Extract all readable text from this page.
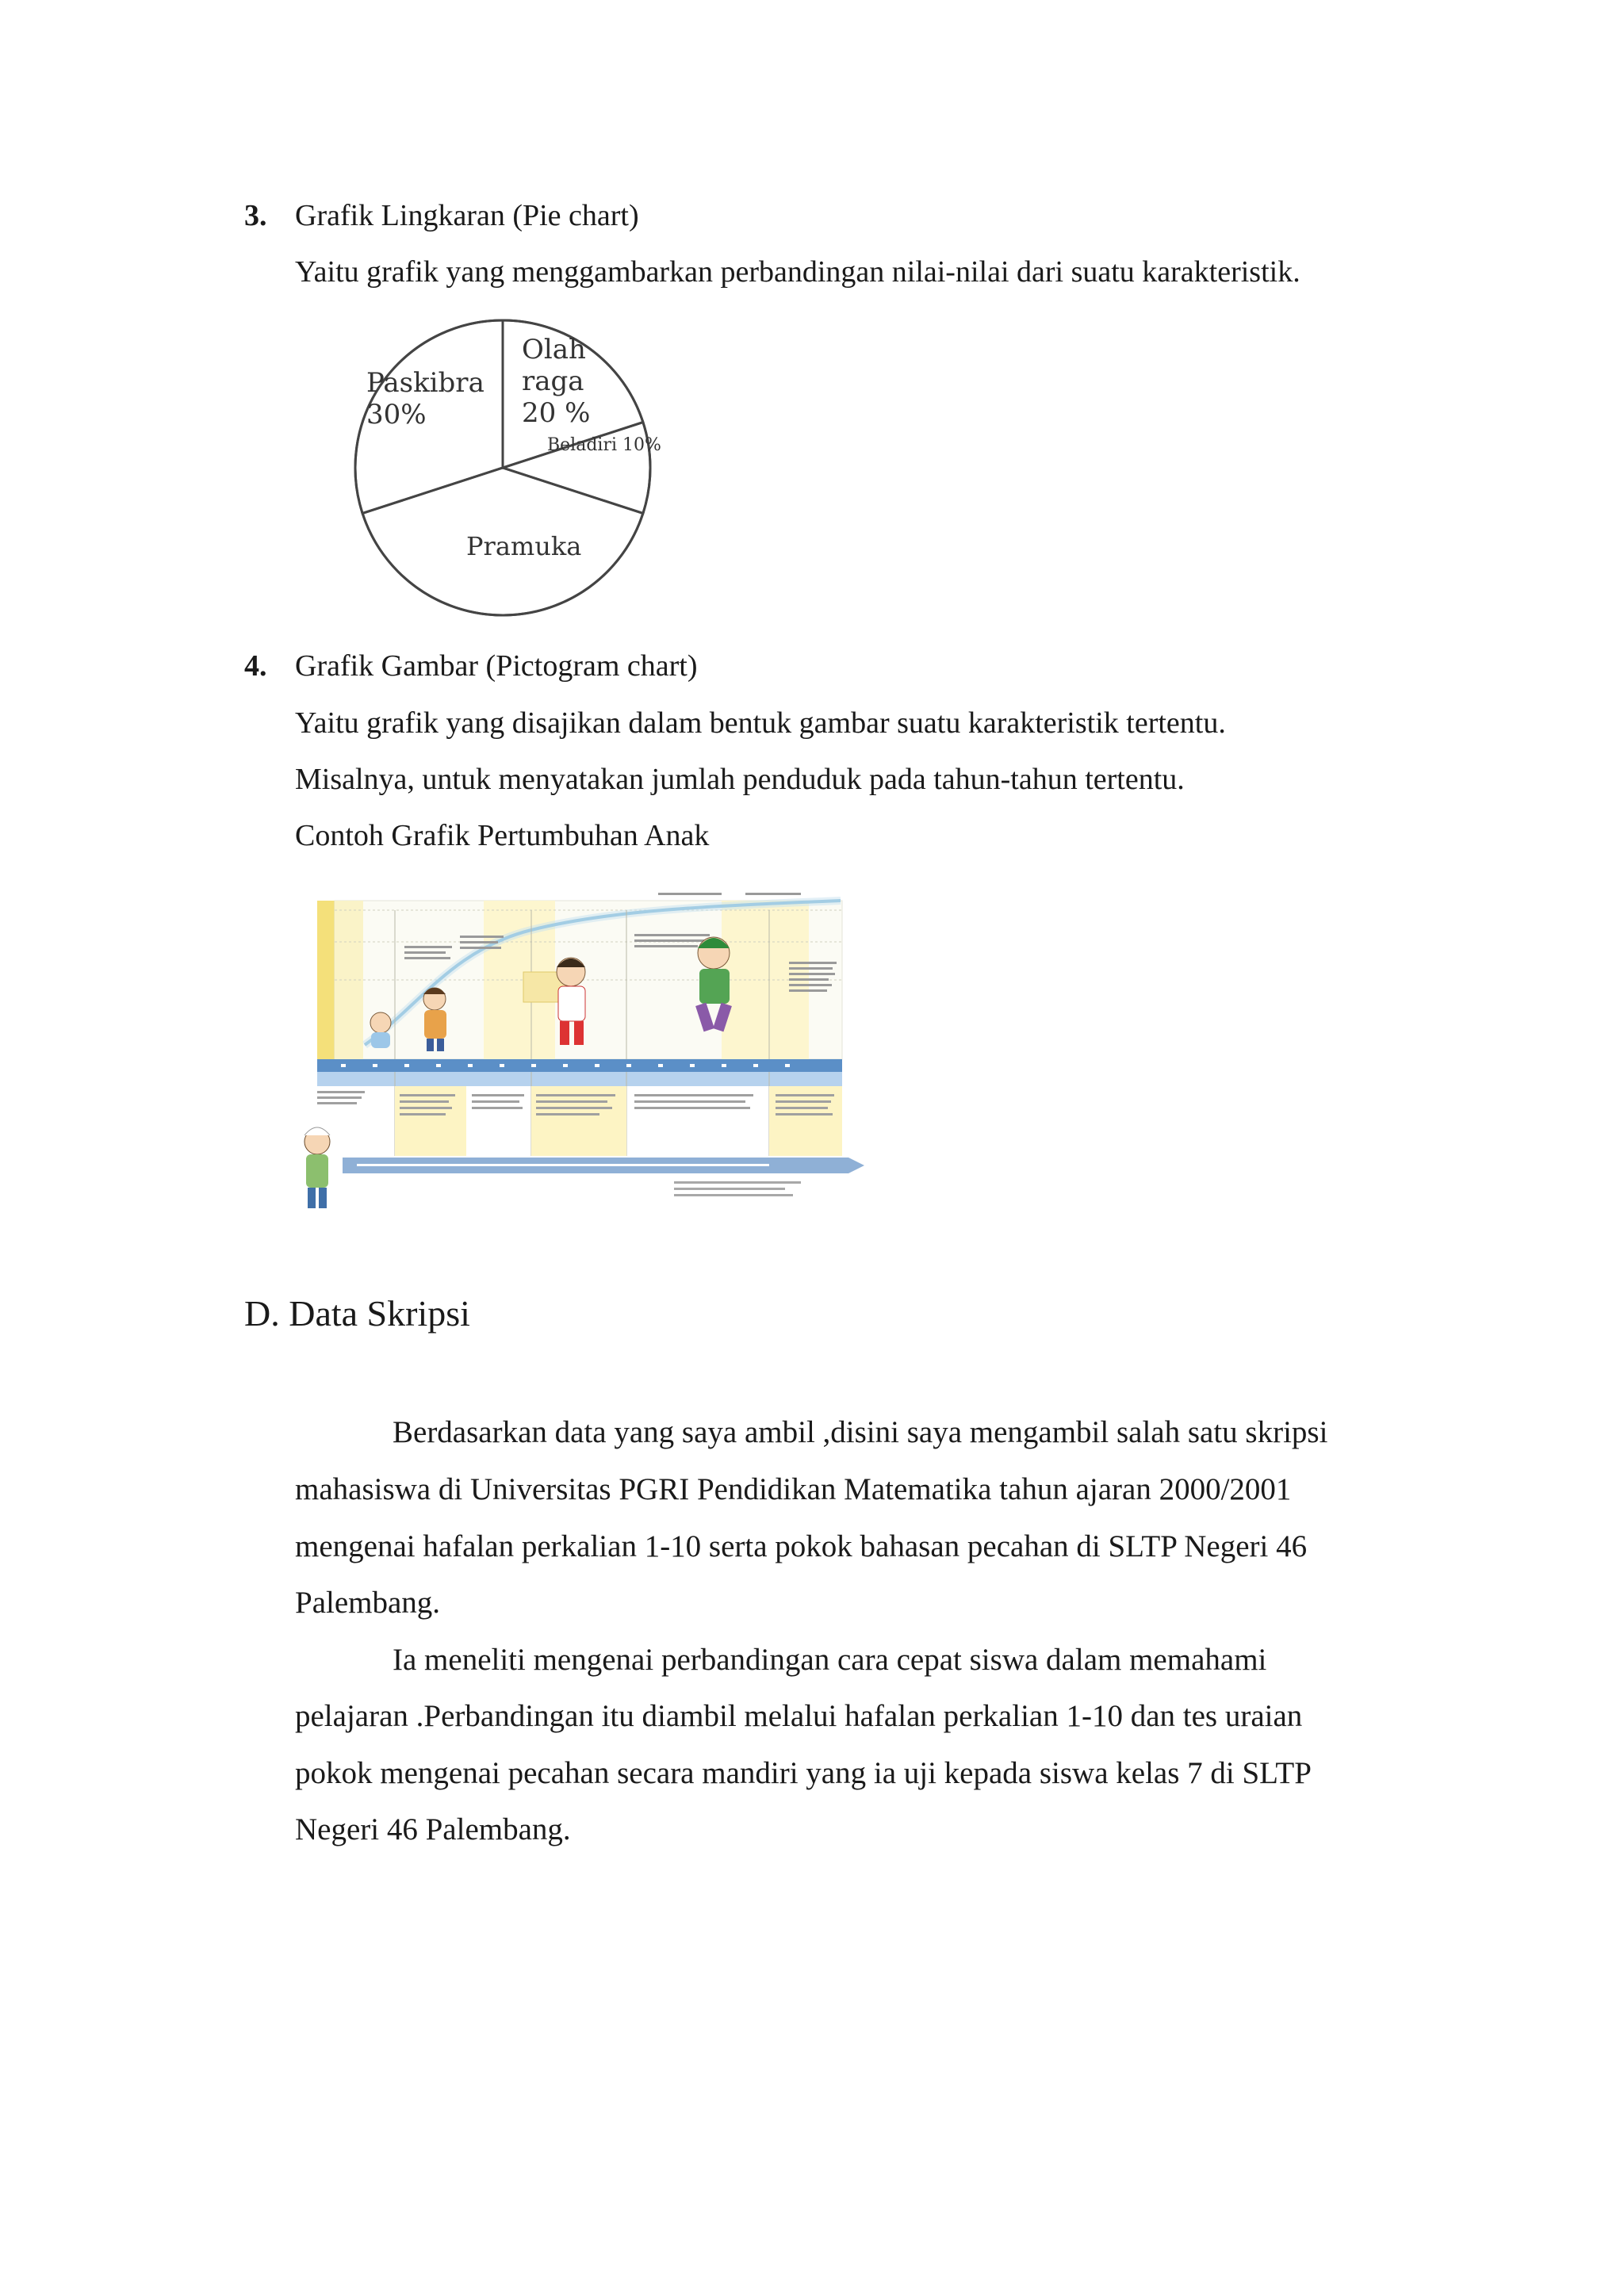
3. Grafik Lingkaran (Pie chart)
Yaitu grafik yang menggambarkan perbandingan nilai-nilai dari suatu karakteristik.
Paskibra 30%
Olah raga 20 %
Beladiri 10%
Pramuka
4. Grafik Gambar (Pictogram chart)
Yaitu grafik yang disajikan dalam bentuk gambar suatu karakteristik tertentu.
Misalnya, untuk menyatakan jumlah penduduk pada tahun-tahun tertentu.
Contoh Grafik Pertumbuhan Anak
D. Data Skripsi
Berdasarkan data yang saya ambil ,disini saya mengambil salah satu skripsi
mahasiswa di Universitas PGRI Pendidikan Matematika tahun ajaran 2000/2001
mengenai hafalan perkalian 1-10 serta pokok bahasan pecahan di SLTP Negeri 46
Palembang.
Ia meneliti mengenai perbandingan cara cepat siswa dalam memahami
pelajaran .Perbandingan itu diambil melalui hafalan perkalian 1-10 dan tes uraian
pokok mengenai pecahan secara mandiri yang ia uji kepada siswa kelas 7 di SLTP
Negeri 46 Palembang.
